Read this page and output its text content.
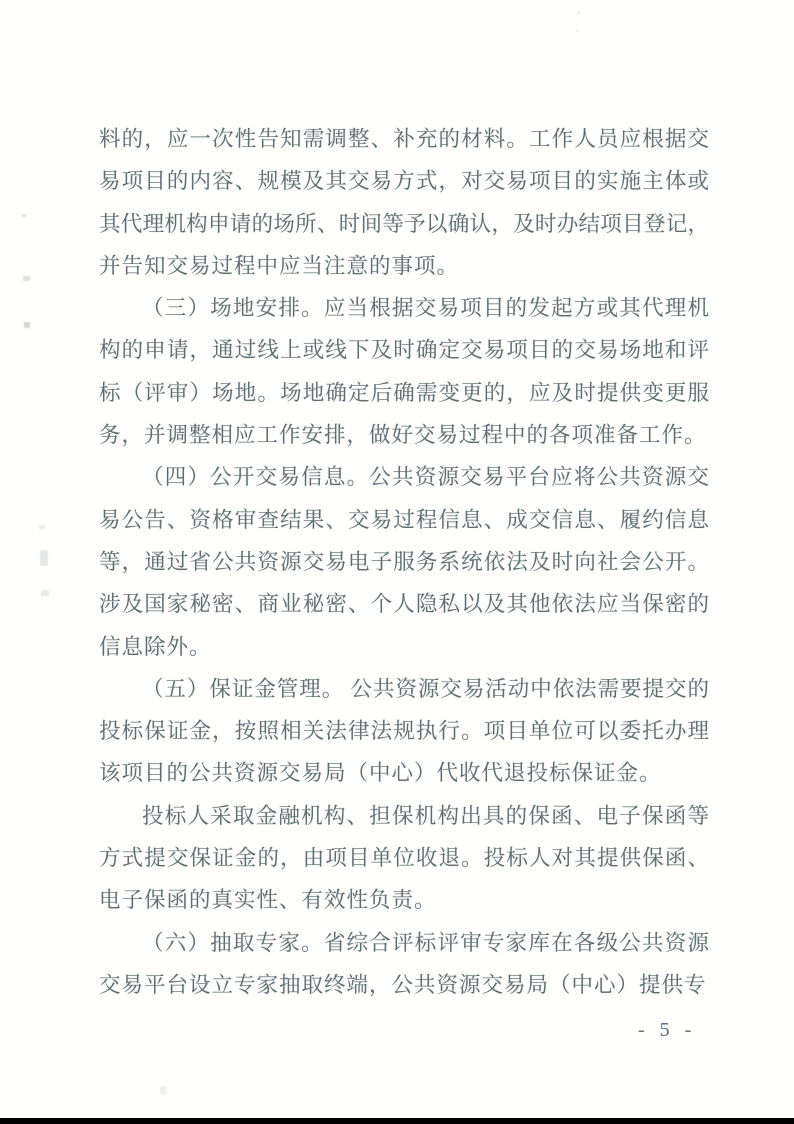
料的，应一次性告知需调整、补充的材料。工作人员应根据交
易项目的内容、规模及其交易方式，对交易项目的实施主体或
其代理机构申请的场所、时间等予以确认，及时办结项目登记，
并告知交易过程中应当注意的事项。
（三）场地安排。应当根据交易项目的发起方或其代理机
构的申请，通过线上或线下及时确定交易项目的交易场地和评
标（评审）场地。场地确定后确需变更的，应及时提供变更服
务，并调整相应工作安排，做好交易过程中的各项准备工作。
（四）公开交易信息。公共资源交易平台应将公共资源交
易公告、资格审查结果、交易过程信息、成交信息、履约信息
等，通过省公共资源交易电子服务系统依法及时向社会公开。
涉及国家秘密、商业秘密、个人隐私以及其他依法应当保密的
信息除外。
（五）保证金管理。 公共资源交易活动中依法需要提交的
投标保证金，按照相关法律法规执行。项目单位可以委托办理
该项目的公共资源交易局（中心）代收代退投标保证金。
投标人采取金融机构、担保机构出具的保函、电子保函等
方式提交保证金的，由项目单位收退。投标人对其提供保函、
电子保函的真实性、有效性负责。
（六）抽取专家。省综合评标评审专家库在各级公共资源
交易平台设立专家抽取终端，公共资源交易局（中心）提供专
- 5 -
